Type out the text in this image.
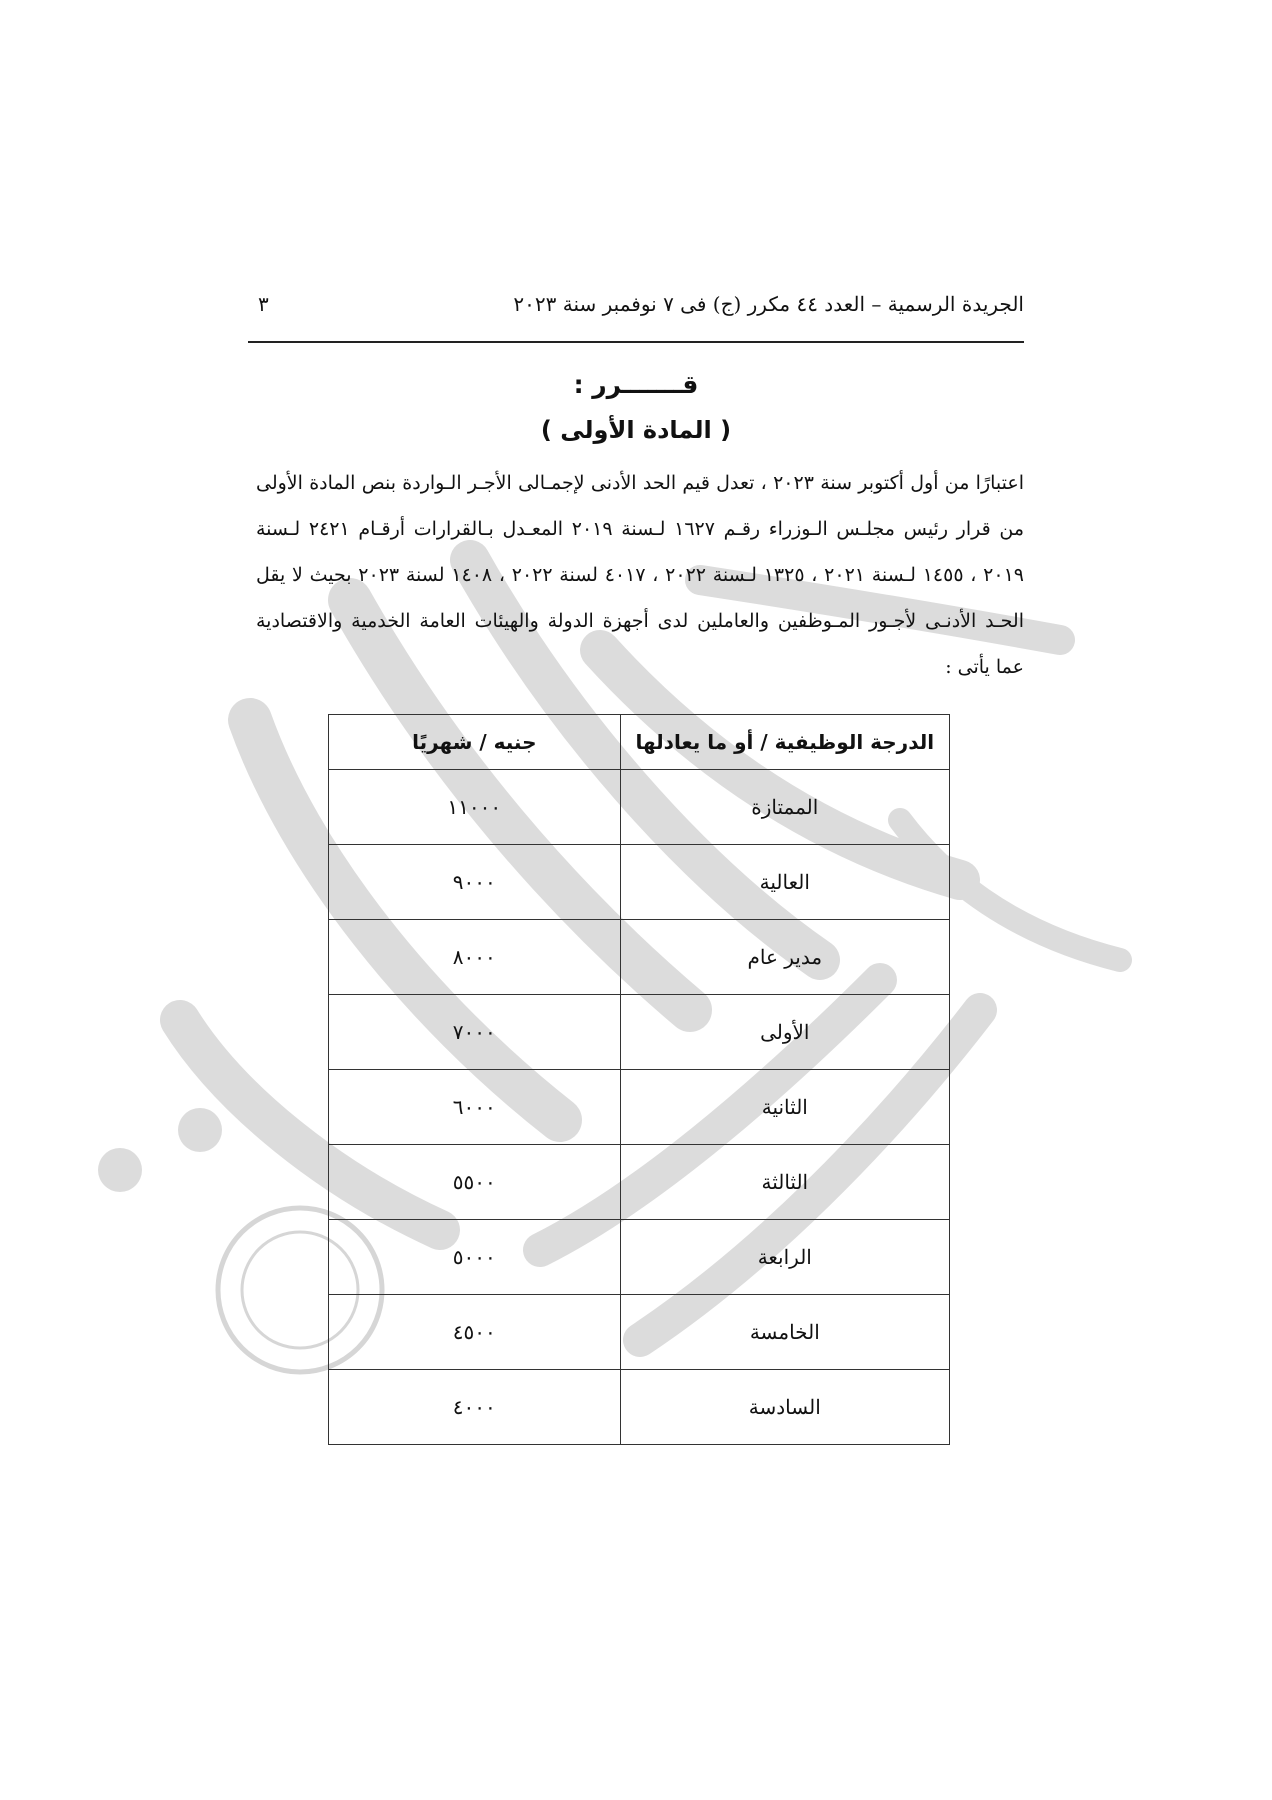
الجريدة الرسمية – العدد ٤٤ مكرر (ج) فى ٧ نوفمبر سنة ٢٠٢٣
٣
قـــــــرر :
( المادة الأولى )
اعتبارًا من أول أكتوبر سنة ٢٠٢٣ ، تعدل قيم الحد الأدنى لإجمـالى الأجـر الـواردة بنص المادة الأولى من قرار رئيس مجلـس الـوزراء رقـم ١٦٢٧ لـسنة ٢٠١٩ المعـدل بـالقرارات أرقـام ٢٤٢١ لـسنة ٢٠١٩ ، ١٤٥٥ لـسنة ٢٠٢١ ، ١٣٢٥ لـسنة ٢٠٢٢ ، ٤٠١٧ لسنة ٢٠٢٢ ، ١٤٠٨ لسنة ٢٠٢٣ بحيث لا يقل الحـد الأدنـى لأجـور المـوظفين والعاملين لدى أجهزة الدولة والهيئات العامة الخدمية والاقتصادية عما يأتى :
الدرجة الوظيفية / أو ما يعادلها	جنيه / شهريًا
الممتازة	١١٠٠٠
العالية	٩٠٠٠
مدير عام	٨٠٠٠
الأولى	٧٠٠٠
الثانية	٦٠٠٠
الثالثة	٥٥٠٠
الرابعة	٥٠٠٠
الخامسة	٤٥٠٠
السادسة	٤٠٠٠
